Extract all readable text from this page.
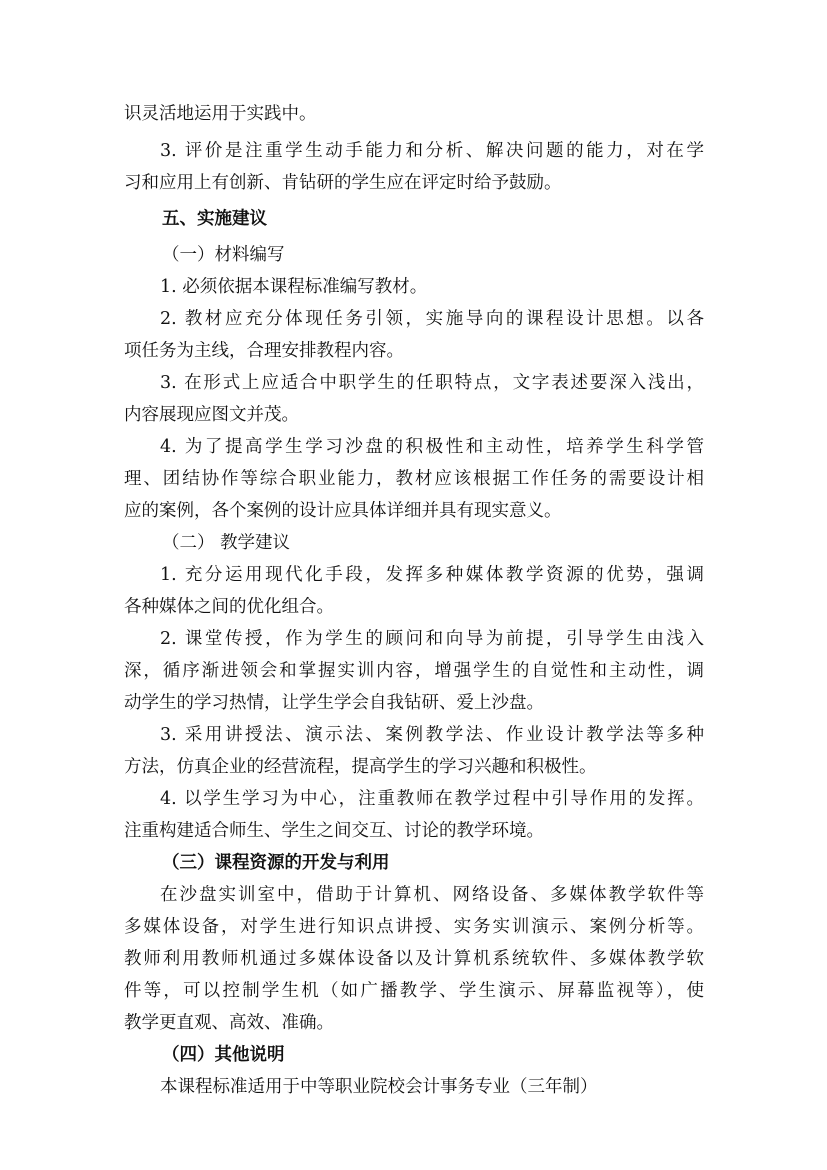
识灵活地运用于实践中。
3. 评价是注重学生动手能力和分析、解决问题的能力，对在学
习和应用上有创新、肯钻研的学生应在评定时给予鼓励。
五、实施建议
（一）材料编写
1. 必须依据本课程标准编写教材。
2. 教材应充分体现任务引领，实施导向的课程设计思想。以各
项任务为主线，合理安排教程内容。
3. 在形式上应适合中职学生的任职特点，文字表述要深入浅出，
内容展现应图文并茂。
4. 为了提高学生学习沙盘的积极性和主动性，培养学生科学管
理、团结协作等综合职业能力，教材应该根据工作任务的需要设计相
应的案例，各个案例的设计应具体详细并具有现实意义。
（二） 教学建议
1. 充分运用现代化手段，发挥多种媒体教学资源的优势，强调
各种媒体之间的优化组合。
2. 课堂传授，作为学生的顾问和向导为前提，引导学生由浅入
深，循序渐进领会和掌握实训内容，增强学生的自觉性和主动性，调
动学生的学习热情，让学生学会自我钻研、爱上沙盘。
3. 采用讲授法、演示法、案例教学法、作业设计教学法等多种
方法，仿真企业的经营流程，提高学生的学习兴趣和积极性。
4. 以学生学习为中心，注重教师在教学过程中引导作用的发挥。
注重构建适合师生、学生之间交互、讨论的教学环境。
（三）课程资源的开发与利用
在沙盘实训室中，借助于计算机、网络设备、多媒体教学软件等
多媒体设备，对学生进行知识点讲授、实务实训演示、案例分析等。
教师利用教师机通过多媒体设备以及计算机系统软件、多媒体教学软
件等，可以控制学生机（如广播教学、学生演示、屏幕监视等），使
教学更直观、高效、准确。
（四）其他说明
本课程标准适用于中等职业院校会计事务专业（三年制）
